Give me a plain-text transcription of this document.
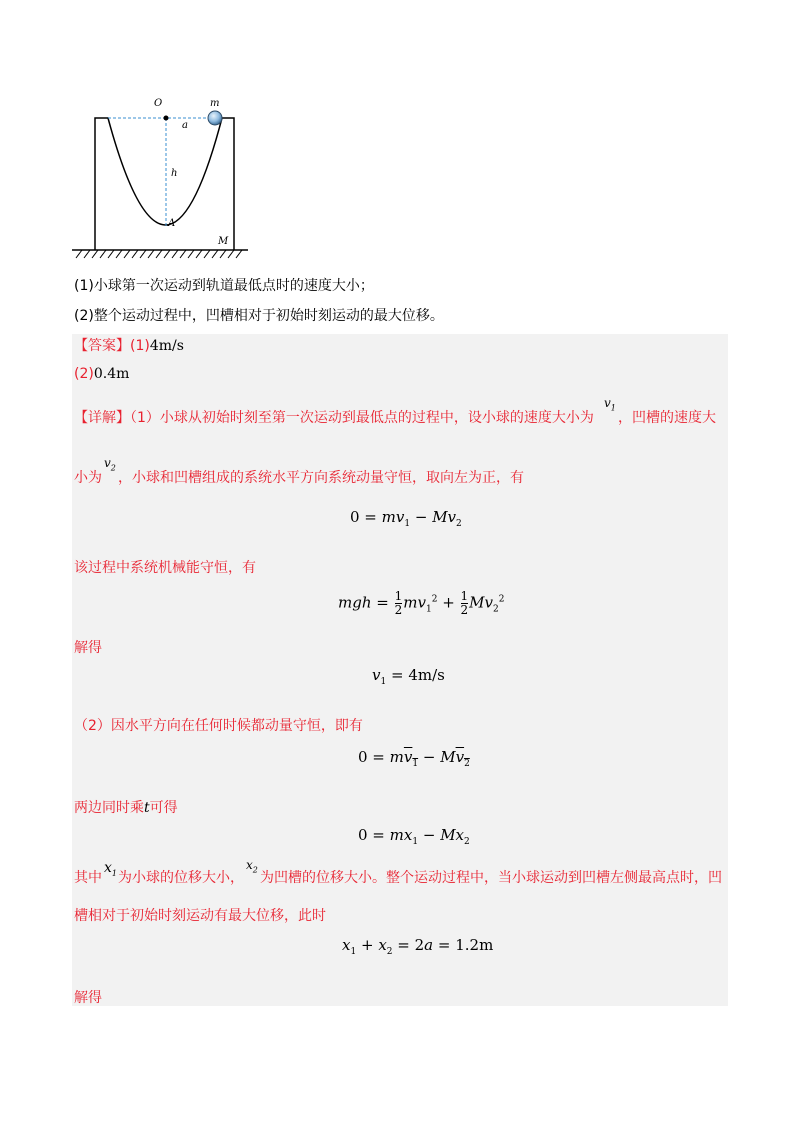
O	m
a
h
A
M
(1)小球第一次运动到轨道最低点时的速度大小；
(2)整个运动过程中，凹槽相对于初始时刻运动的最大位移。
【答案】(1)4m/s
(2)0.4m
【详解】（1）小球从初始时刻至第一次运动到最低点的过程中，设小球的速度大小为
$v_1$
，凹槽的速度大
小为
$v_2$
，小球和凹槽组成的系统水平方向系统动量守恒，取向左为正，有
$0 = mv_1 - Mv_2$
该过程中系统机械能守恒，有
mgh = $\frac{1}{2} mv_1^2 + \frac{1}{2} Mv_2^2$
解得
$v_1 = 4m/s$
（2）因水平方向在任何时候都动量守恒，即有
$0 = mv_1 - Mv_2$
两边同时乘t可得
$0 = mx_1 - Mx_2$
其中
$x_1$ 为小球的位移大小，
$x_2$
为凹槽的位移大小。整个运动过程中，当小球运动到凹槽左侧最高点时，凹
槽相对于初始时刻运动有最大位移，此时
$x_1 + x_2 = 2a = 1.2m$
解得
